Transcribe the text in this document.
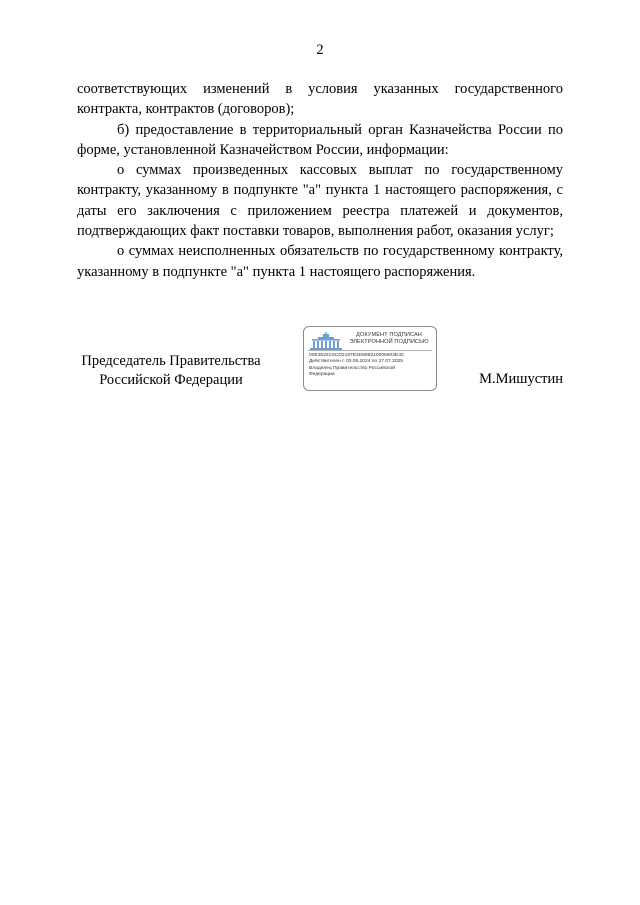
2

соответствующих изменений в условия указанных государственного контракта, контрактов (договоров);

б) предоставление в территориальный орган Казначейства России по форме, установленной Казначейством России, информации:

о суммах произведенных кассовых выплат по государственному контракту, указанному в подпункте "а" пункта 1 настоящего распоряжения, с даты его заключения с приложением реестра платежей и документов, подтверждающих факт поставки товаров, выполнения работ, оказания услуг;

о суммах неисполненных обязательств по государственному контракту, указанному в подпункте "а" пункта 1 настоящего распоряжения.

Председатель Правительства
Российской Федерации
ДОКУМЕНТ ПОДПИСАН
ЭЛЕКТРОННОЙ ПОДПИСЬЮ
00E3632C6CD2197E4D889210006902E4C
Действителен с 03.05.2024 по 27.07.2025
Владелец Правительство Российской
Федерации	М.Мишустин
